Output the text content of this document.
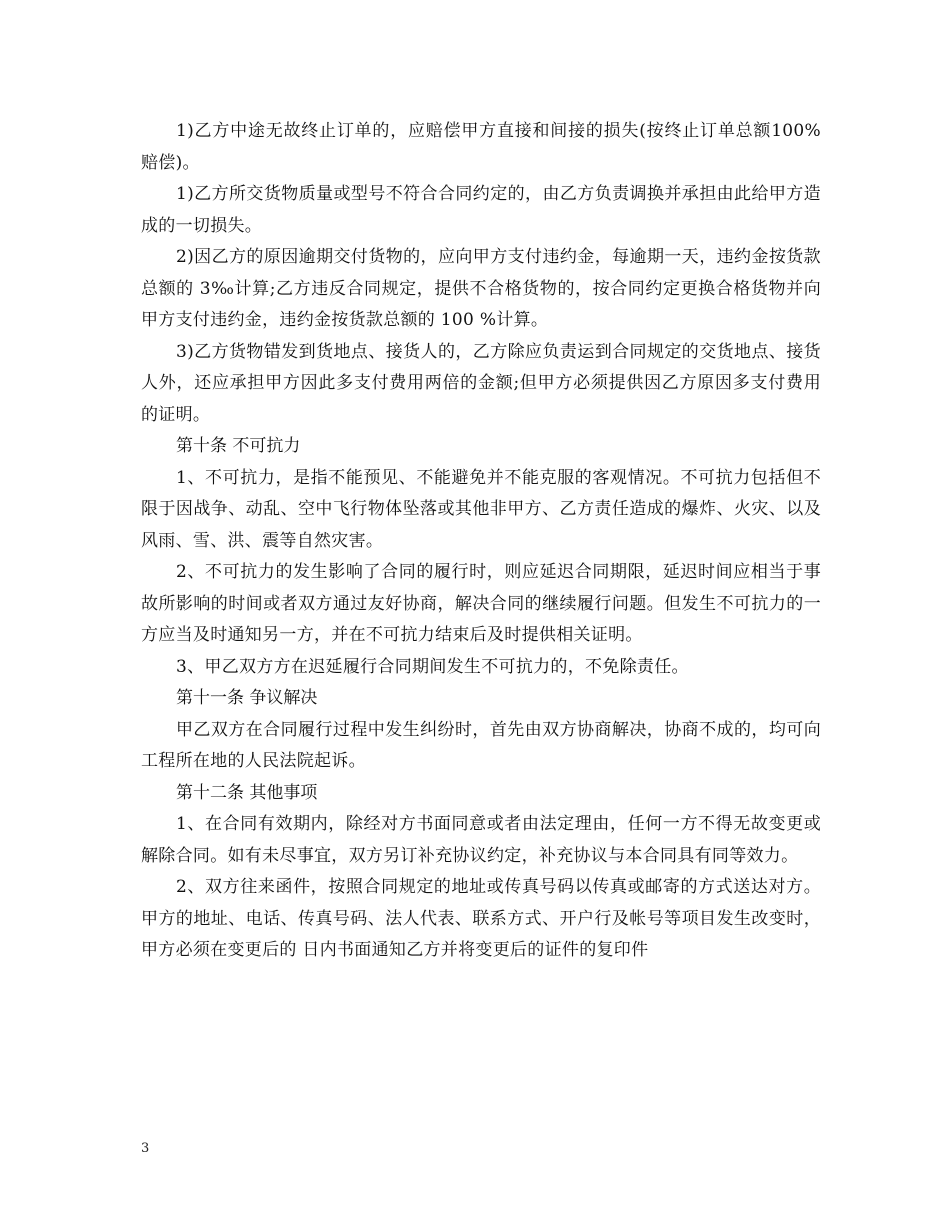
1)乙方中途无故终止订单的，应赔偿甲方直接和间接的损失(按终止订单总额100%赔偿)。

1)乙方所交货物质量或型号不符合合同约定的，由乙方负责调换并承担由此给甲方造成的一切损失。

2)因乙方的原因逾期交付货物的，应向甲方支付违约金，每逾期一天，违约金按货款总额的 3‰计算;乙方违反合同规定，提供不合格货物的，按合同约定更换合格货物并向甲方支付违约金，违约金按货款总额的 100 %计算。

3)乙方货物错发到货地点、接货人的，乙方除应负责运到合同规定的交货地点、接货人外，还应承担甲方因此多支付费用两倍的金额;但甲方必须提供因乙方原因多支付费用的证明。

第十条 不可抗力

1、不可抗力，是指不能预见、不能避免并不能克服的客观情况。不可抗力包括但不限于因战争、动乱、空中飞行物体坠落或其他非甲方、乙方责任造成的爆炸、火灾、以及风雨、雪、洪、震等自然灾害。

2、不可抗力的发生影响了合同的履行时，则应延迟合同期限，延迟时间应相当于事故所影响的时间或者双方通过友好协商，解决合同的继续履行问题。但发生不可抗力的一方应当及时通知另一方，并在不可抗力结束后及时提供相关证明。

3、甲乙双方方在迟延履行合同期间发生不可抗力的，不免除责任。

第十一条 争议解决

甲乙双方在合同履行过程中发生纠纷时，首先由双方协商解决，协商不成的，均可向工程所在地的人民法院起诉。

第十二条 其他事项

1、在合同有效期内，除经对方书面同意或者由法定理由，任何一方不得无故变更或解除合同。如有未尽事宜，双方另订补充协议约定，补充协议与本合同具有同等效力。

2、双方往来函件，按照合同规定的地址或传真号码以传真或邮寄的方式送达对方。甲方的地址、电话、传真号码、法人代表、联系方式、开户行及帐号等项目发生改变时，甲方必须在变更后的 日内书面通知乙方并将变更后的证件的复印件

3
